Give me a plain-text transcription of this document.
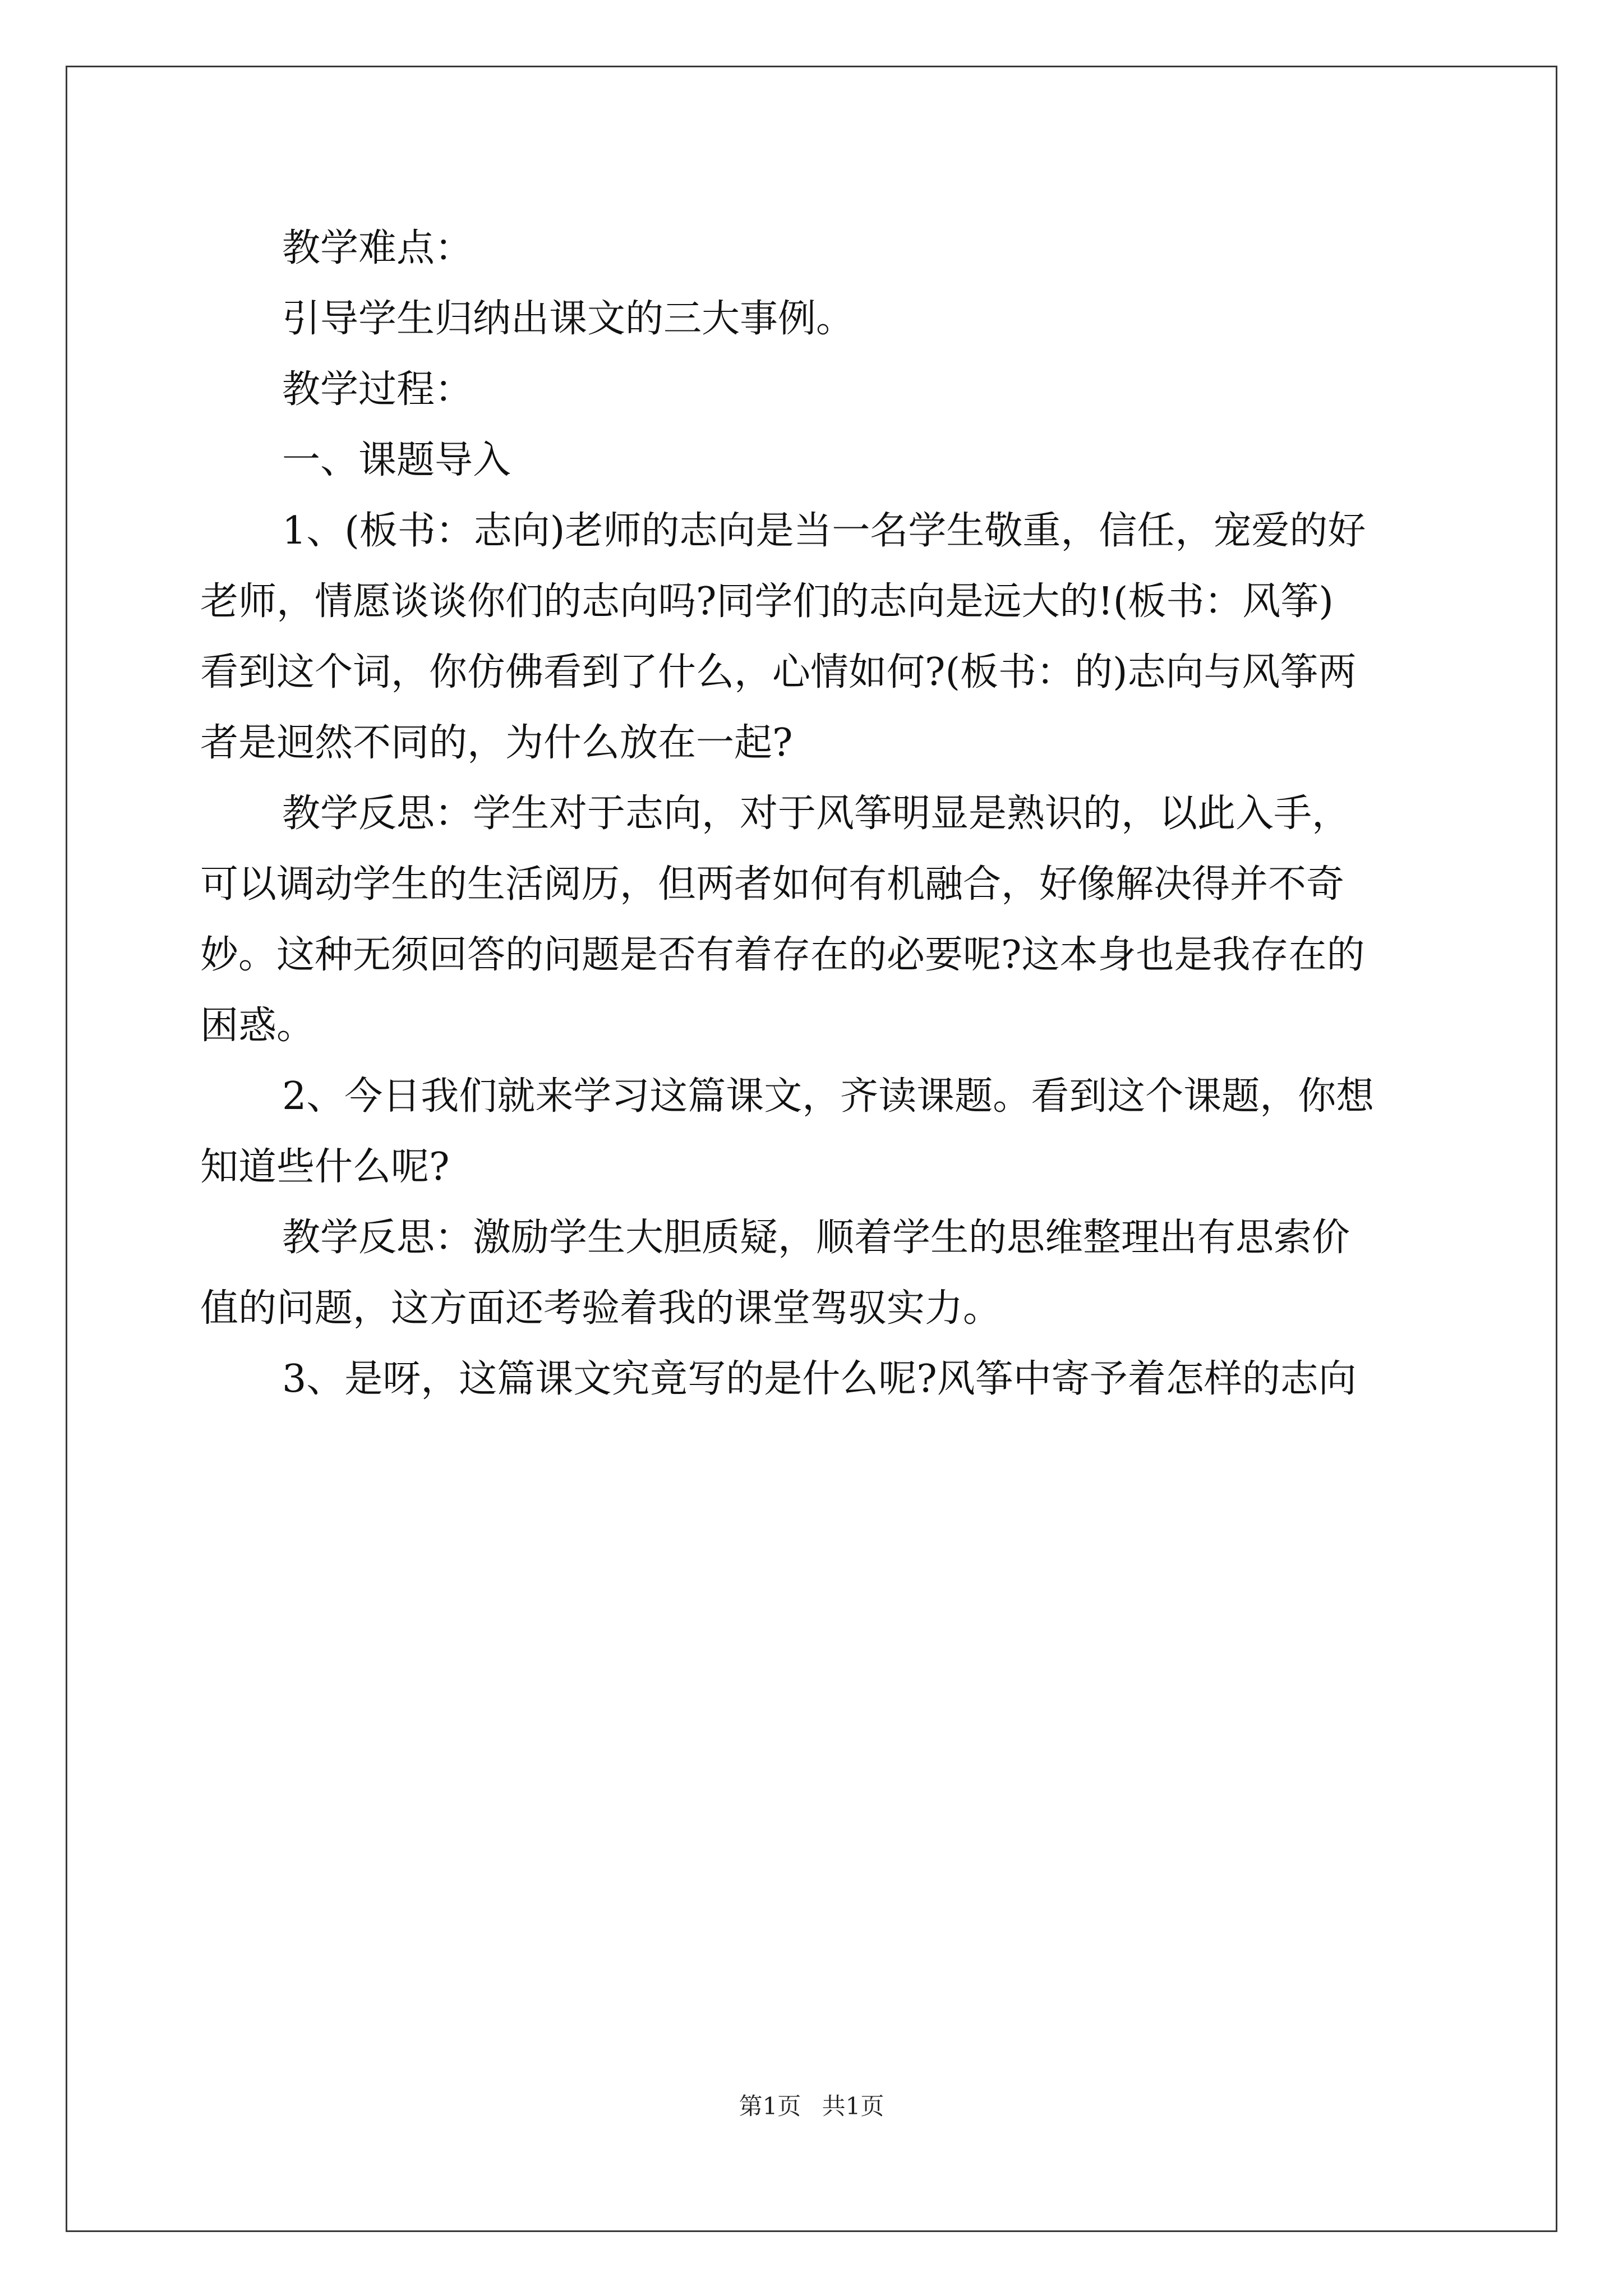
教学难点：

引导学生归纳出课文的三大事例。

教学过程：

一、课题导入

1、(板书：志向)老师的志向是当一名学生敬重，信任，宠爱的好
老师，情愿谈谈你们的志向吗?同学们的志向是远大的!(板书：风筝)
看到这个词，你仿佛看到了什么，心情如何?(板书：的)志向与风筝两
者是迥然不同的，为什么放在一起?

教学反思：学生对于志向，对于风筝明显是熟识的，以此入手，
可以调动学生的生活阅历，但两者如何有机融合，好像解决得并不奇
妙。这种无须回答的问题是否有着存在的必要呢?这本身也是我存在的
困惑。

2、今日我们就来学习这篇课文，齐读课题。看到这个课题，你想
知道些什么呢?

教学反思：激励学生大胆质疑，顺着学生的思维整理出有思索价
值的问题，这方面还考验着我的课堂驾驭实力。

3、是呀，这篇课文究竟写的是什么呢?风筝中寄予着怎样的志向

第1页 共1页
